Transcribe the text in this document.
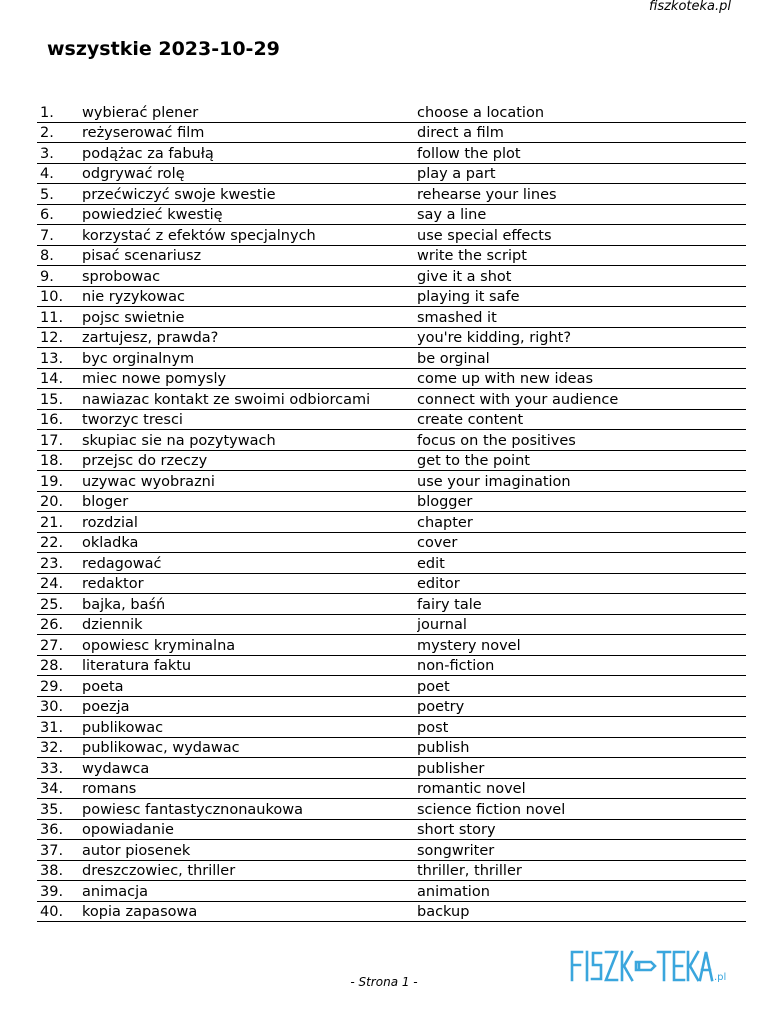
fiszkoteka.pl
wszystkie 2023-10-29
1.	wybierać plener	choose a location
2.	reżyserować film	direct a film
3.	podążac za fabułą	follow the plot
4.	odgrywać rolę	play a part
5.	przećwiczyć swoje kwestie	rehearse your lines
6.	powiedzieć kwestię	say a line
7.	korzystać z efektów specjalnych	use special effects
8.	pisać scenariusz	write the script
9.	sprobowac	give it a shot
10.	nie ryzykowac	playing it safe
11.	pojsc swietnie	smashed it
12.	zartujesz, prawda?	you're kidding, right?
13.	byc orginalnym	be orginal
14.	miec nowe pomysly	come up with new ideas
15.	nawiazac kontakt ze swoimi odbiorcami	connect with your audience
16.	tworzyc tresci	create content
17.	skupiac sie na pozytywach	focus on the positives
18.	przejsc do rzeczy	get to the point
19.	uzywac wyobrazni	use your imagination
20.	bloger	blogger
21.	rozdzial	chapter
22.	okladka	cover
23.	redagować	edit
24.	redaktor	editor
25.	bajka, baśń	fairy tale
26.	dziennik	journal
27.	opowiesc kryminalna	mystery novel
28.	literatura faktu	non-fiction
29.	poeta	poet
30.	poezja	poetry
31.	publikowac	post
32.	publikowac, wydawac	publish
33.	wydawca	publisher
34.	romans	romantic novel
35.	powiesc fantastycznonaukowa	science fiction novel
36.	opowiadanie	short story
37.	autor piosenek	songwriter
38.	dreszczowiec, thriller	thriller, thriller
39.	animacja	animation
40.	kopia zapasowa	backup
.pl
- Strona 1 -
